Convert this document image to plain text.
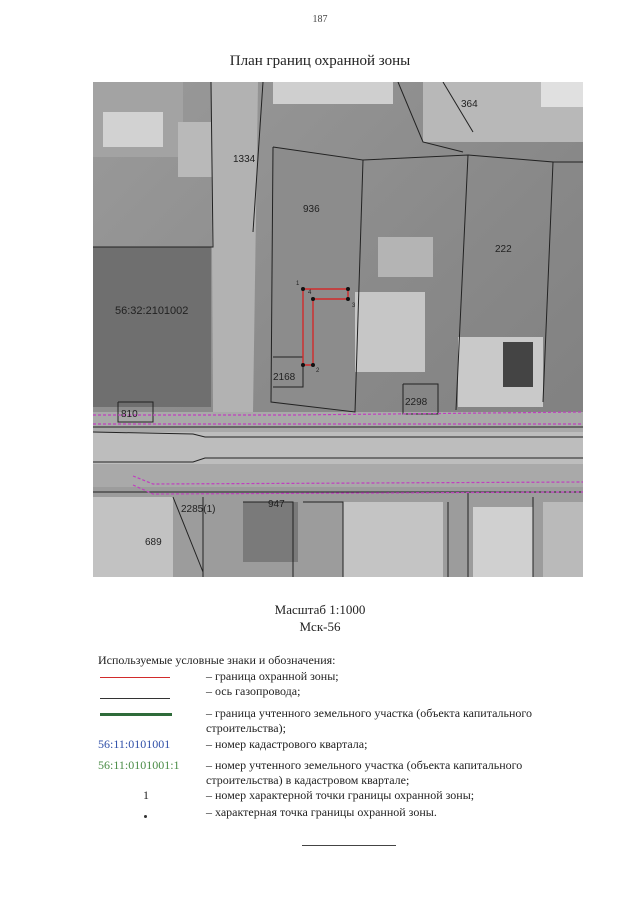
187
План границ охранной зоны
364
1334
936
222
56:32:2101002
2168
2298
810
2285(1)	947
689
1
2
3
4
Масштаб 1:1000
Мск-56
Используемые условные знаки и обозначения:
– граница охранной зоны;
– ось газопровода;
– граница учтенного земельного участка (объекта капитального строительства);
56:11:0101001	– номер кадастрового квартала;
56:11:0101001:1	– номер учтенного земельного участка (объекта капитального строительства) в кадастровом квартале;
1	– номер характерной точки границы охранной зоны;
– характерная точка границы охранной зоны.
